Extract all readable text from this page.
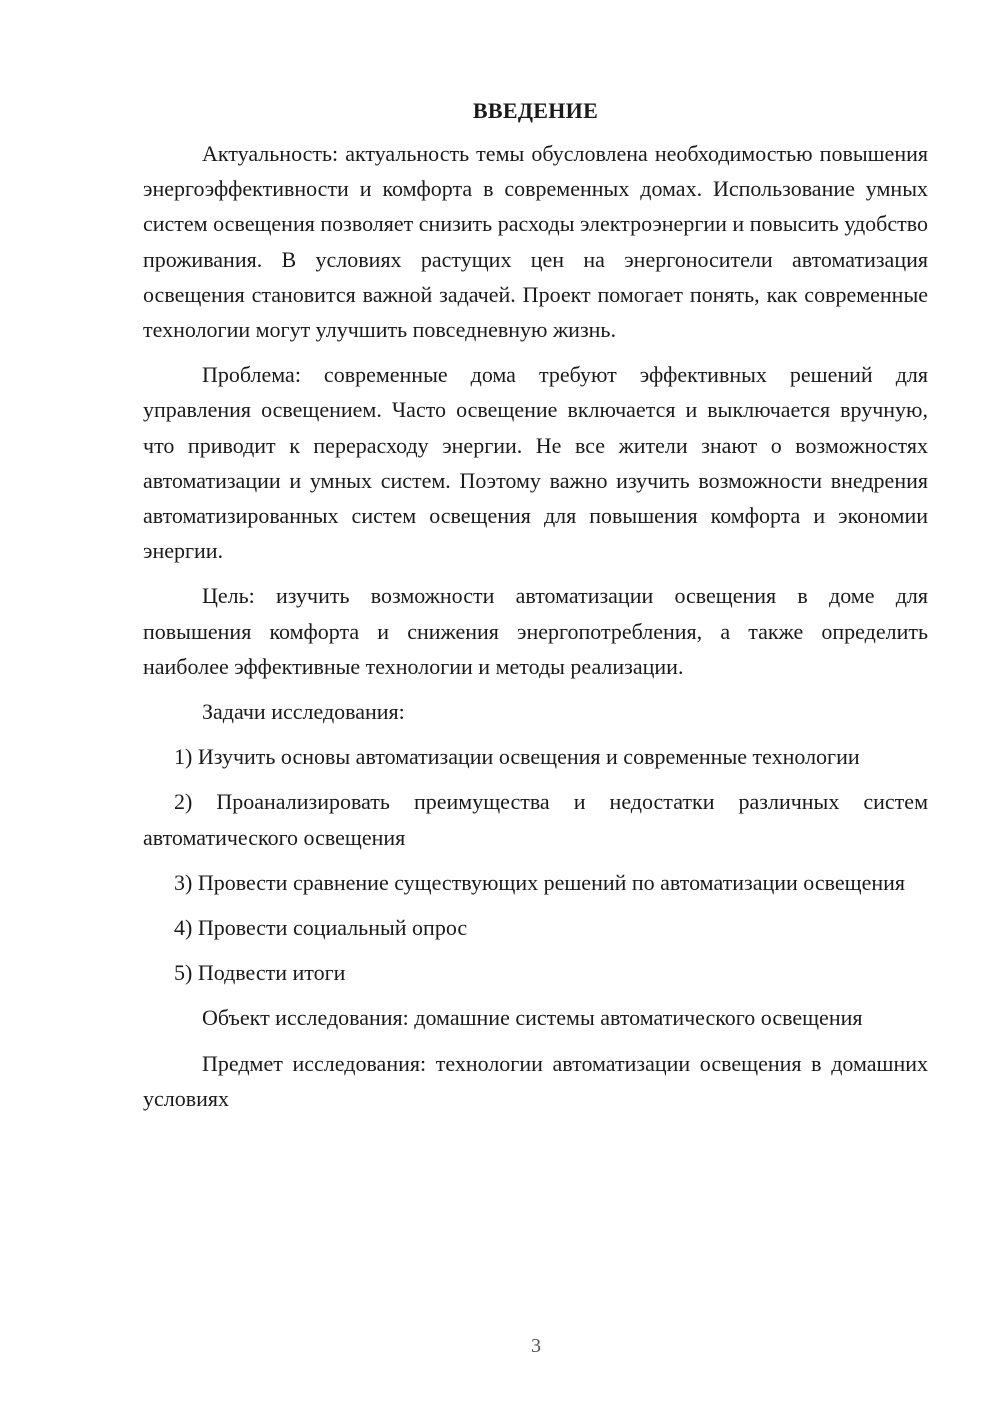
ВВЕДЕНИЕ

Актуальность: актуальность темы обусловлена необходимостью повышения энергоэффективности и комфорта в современных домах. Использование умных систем освещения позволяет снизить расходы электроэнергии и повысить удобство проживания. В условиях растущих цен на энергоносители автоматизация освещения становится важной задачей. Проект помогает понять, как современные технологии могут улучшить повседневную жизнь.

Проблема: современные дома требуют эффективных решений для управления освещением. Часто освещение включается и выключается вручную, что приводит к перерасходу энергии. Не все жители знают о возможностях автоматизации и умных систем. Поэтому важно изучить возможности внедрения автоматизированных систем освещения для повышения комфорта и экономии энергии.

Цель: изучить возможности автоматизации освещения в доме для повышения комфорта и снижения энергопотребления, а также определить наиболее эффективные технологии и методы реализации.

Задачи исследования:

1) Изучить основы автоматизации освещения и современные технологии

2) Проанализировать преимущества и недостатки различных систем автоматического освещения

3) Провести сравнение существующих решений по автоматизации освещения

4) Провести социальный опрос

5) Подвести итоги

Объект исследования: домашние системы автоматического освещения

Предмет исследования: технологии автоматизации освещения в домашних условиях

3
